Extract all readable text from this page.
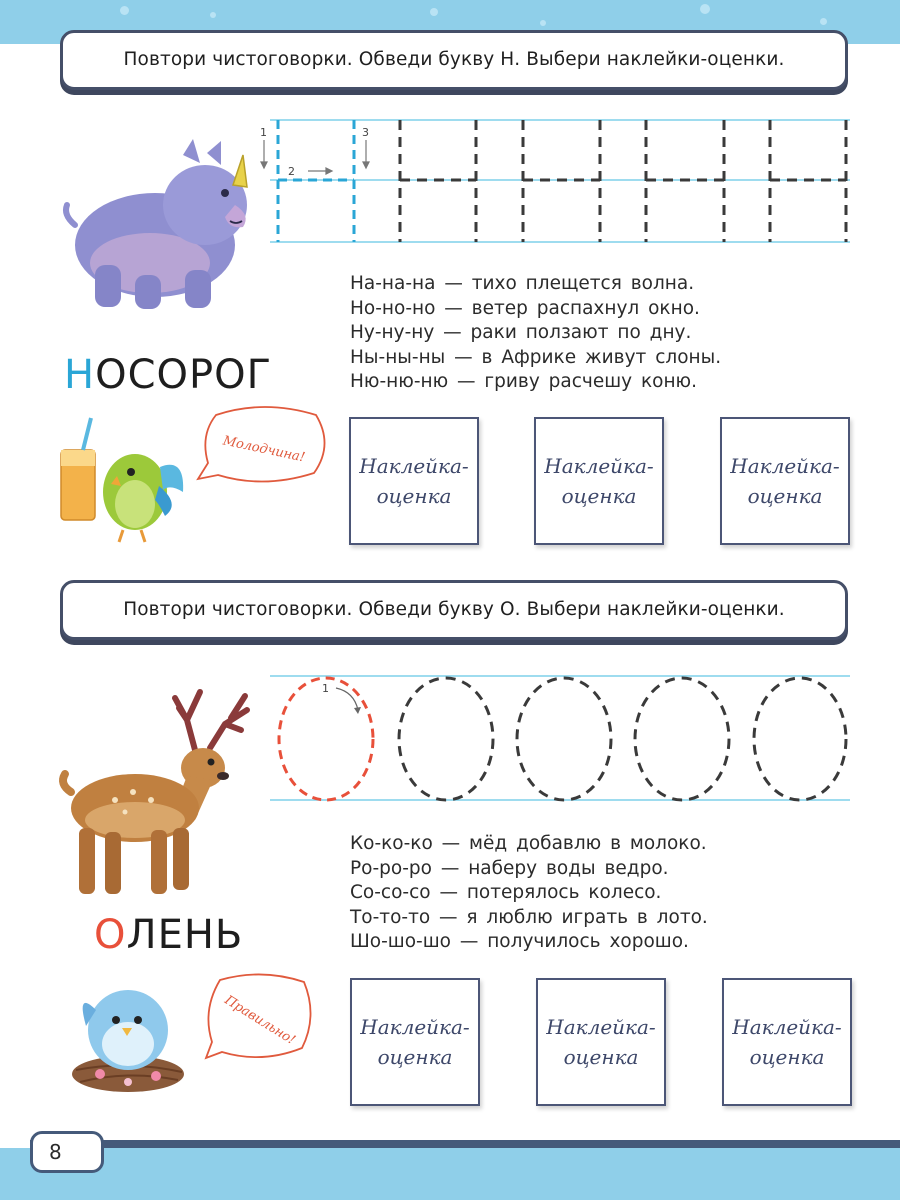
Повтори чистоговорки. Обведи букву Н. Выбери наклейки-оценки.
1
2
3
НОСОРОГ
На-на-на — тихо плещется волна.
Но-но-но — ветер распахнул окно.
Ну-ну-ну — раки ползают по дну.
Ны-ны-ны — в Африке живут слоны.
Ню-ню-ню — гриву расчешу коню.
Молодчина!
Наклейка-оценка
Наклейка-оценка
Наклейка-оценка
Повтори чистоговорки. Обведи букву О. Выбери наклейки-оценки.
1
ОЛЕНЬ
Ко-ко-ко — мёд добавлю в молоко.
Ро-ро-ро — наберу воды ведро.
Со-со-со — потерялось колесо.
То-то-то — я люблю играть в лото.
Шо-шо-шо — получилось хорошо.
Правильно!	Наклейка-оценка
Наклейка-оценка
Наклейка-оценка
8
